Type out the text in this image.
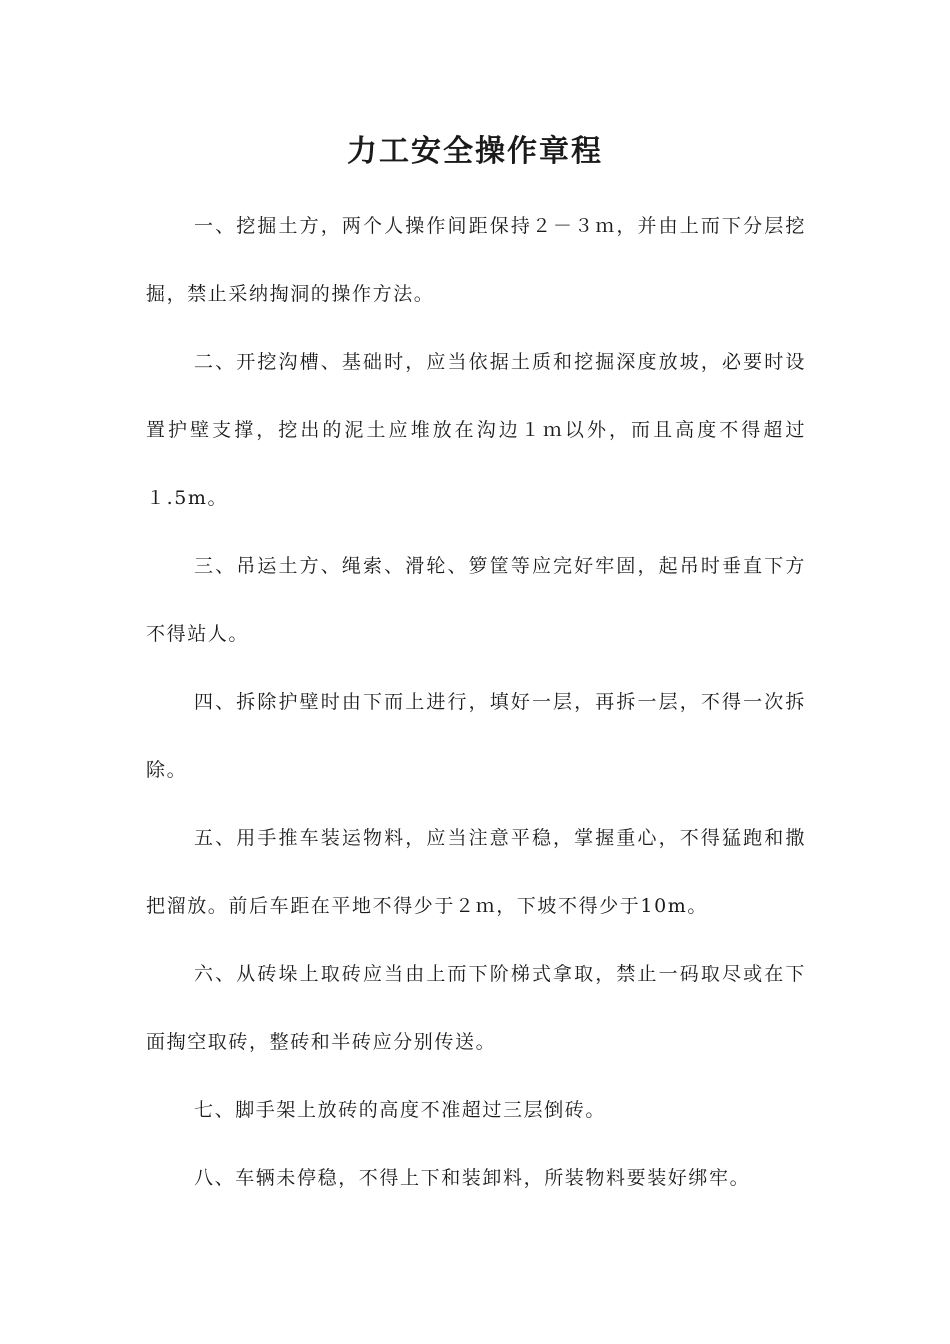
力工安全操作章程

一、挖掘土方，两个人操作间距保持２－３ｍ，并由上而下分层挖掘，禁止采纳掏洞的操作方法。

二、开挖沟槽、基础时，应当依据土质和挖掘深度放坡，必要时设置护壁支撑，挖出的泥土应堆放在沟边１ｍ以外，而且高度不得超过１.5m。

三、吊运土方、绳索、滑轮、箩筐等应完好牢固，起吊时垂直下方不得站人。

四、拆除护壁时由下而上进行，填好一层，再拆一层，不得一次拆除。

五、用手推车装运物料，应当注意平稳，掌握重心，不得猛跑和撒把溜放。前后车距在平地不得少于２ｍ，下坡不得少于10m。

六、从砖垛上取砖应当由上而下阶梯式拿取，禁止一码取尽或在下面掏空取砖，整砖和半砖应分别传送。

七、脚手架上放砖的高度不准超过三层倒砖。

八、车辆未停稳，不得上下和装卸料，所装物料要装好绑牢。
